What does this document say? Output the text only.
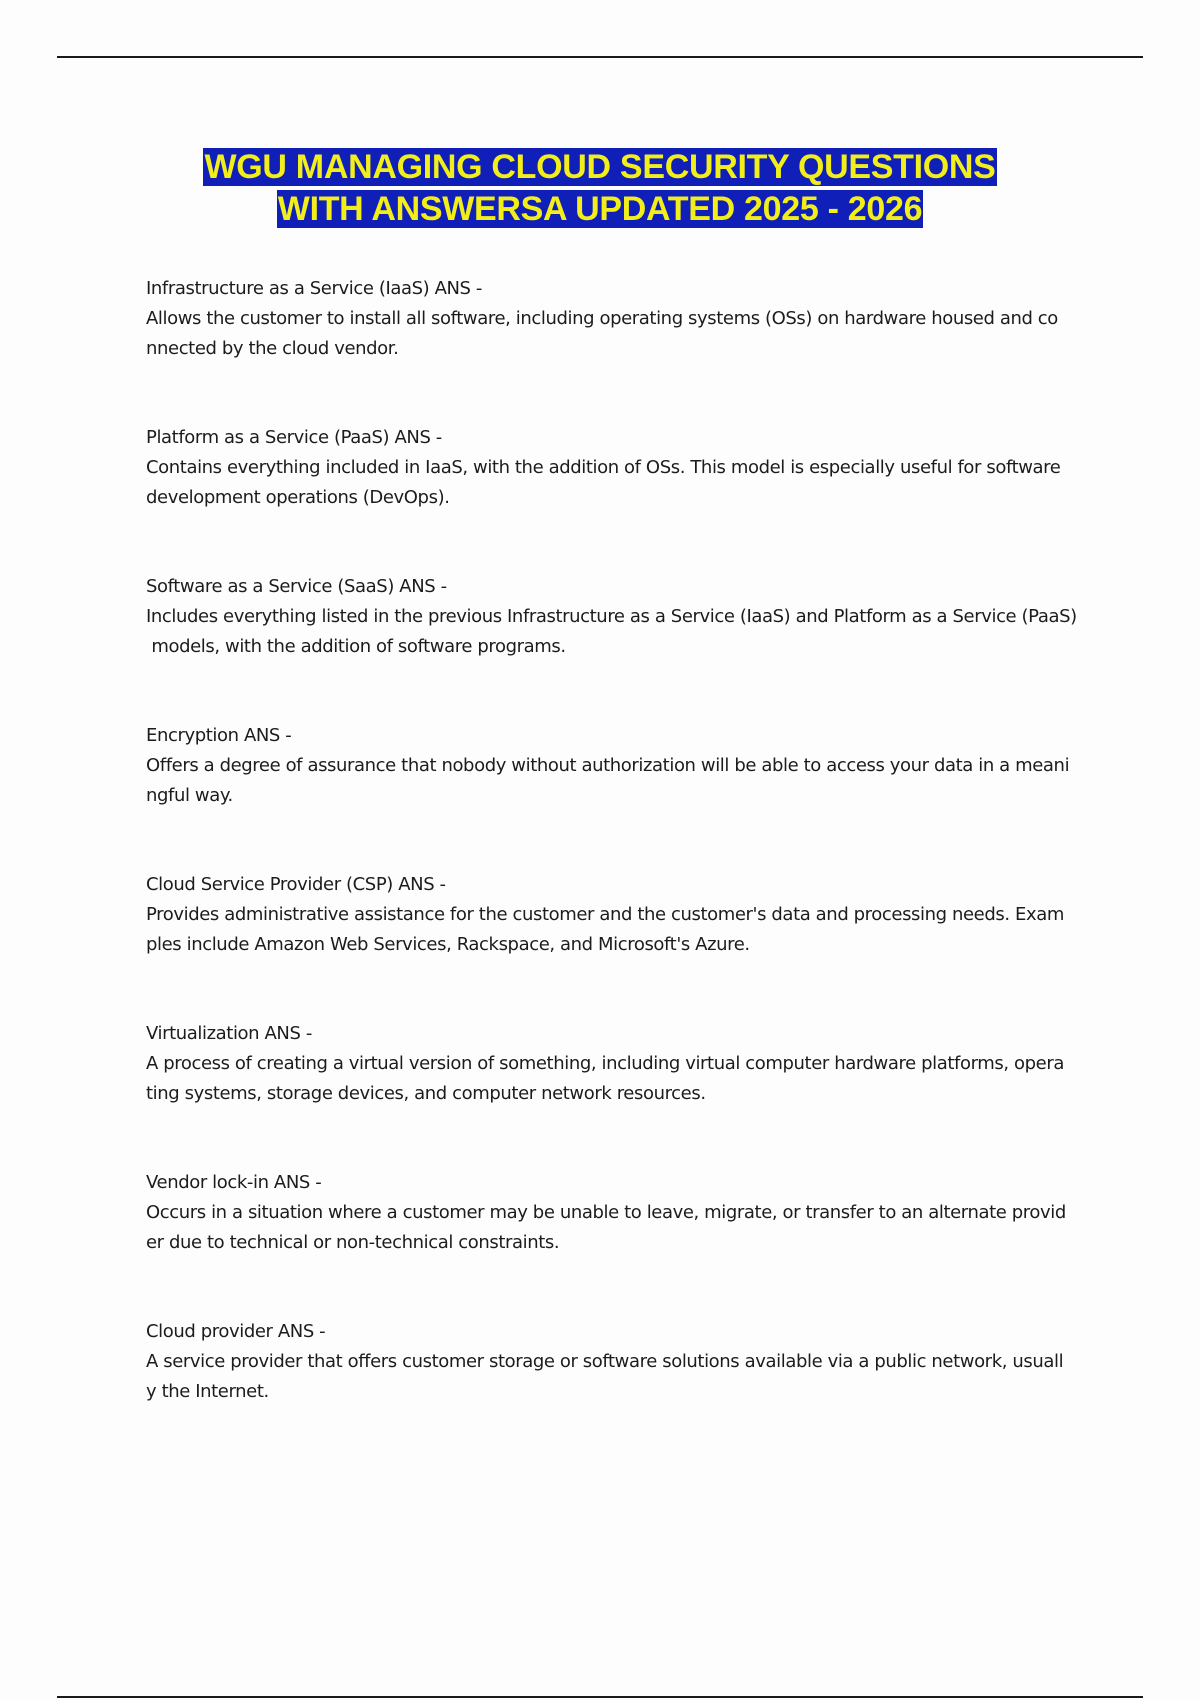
WGU MANAGING CLOUD SECURITY QUESTIONS
WITH ANSWERSA UPDATED 2025 - 2026
Infrastructure as a Service (IaaS) ANS -
Allows the customer to install all software, including operating systems (OSs) on hardware housed and co
nnected by the cloud vendor.
Platform as a Service (PaaS) ANS -
Contains everything included in IaaS, with the addition of OSs. This model is especially useful for software
development operations (DevOps).
Software as a Service (SaaS) ANS -
Includes everything listed in the previous Infrastructure as a Service (IaaS) and Platform as a Service (PaaS)
models, with the addition of software programs.
Encryption ANS -
Offers a degree of assurance that nobody without authorization will be able to access your data in a meani
ngful way.
Cloud Service Provider (CSP) ANS -
Provides administrative assistance for the customer and the customer's data and processing needs. Exam
ples include Amazon Web Services, Rackspace, and Microsoft's Azure.
Virtualization ANS -
A process of creating a virtual version of something, including virtual computer hardware platforms, opera
ting systems, storage devices, and computer network resources.
Vendor lock-in ANS -
Occurs in a situation where a customer may be unable to leave, migrate, or transfer to an alternate provid
er due to technical or non-technical constraints.
Cloud provider ANS -
A service provider that offers customer storage or software solutions available via a public network, usuall
y the Internet.
